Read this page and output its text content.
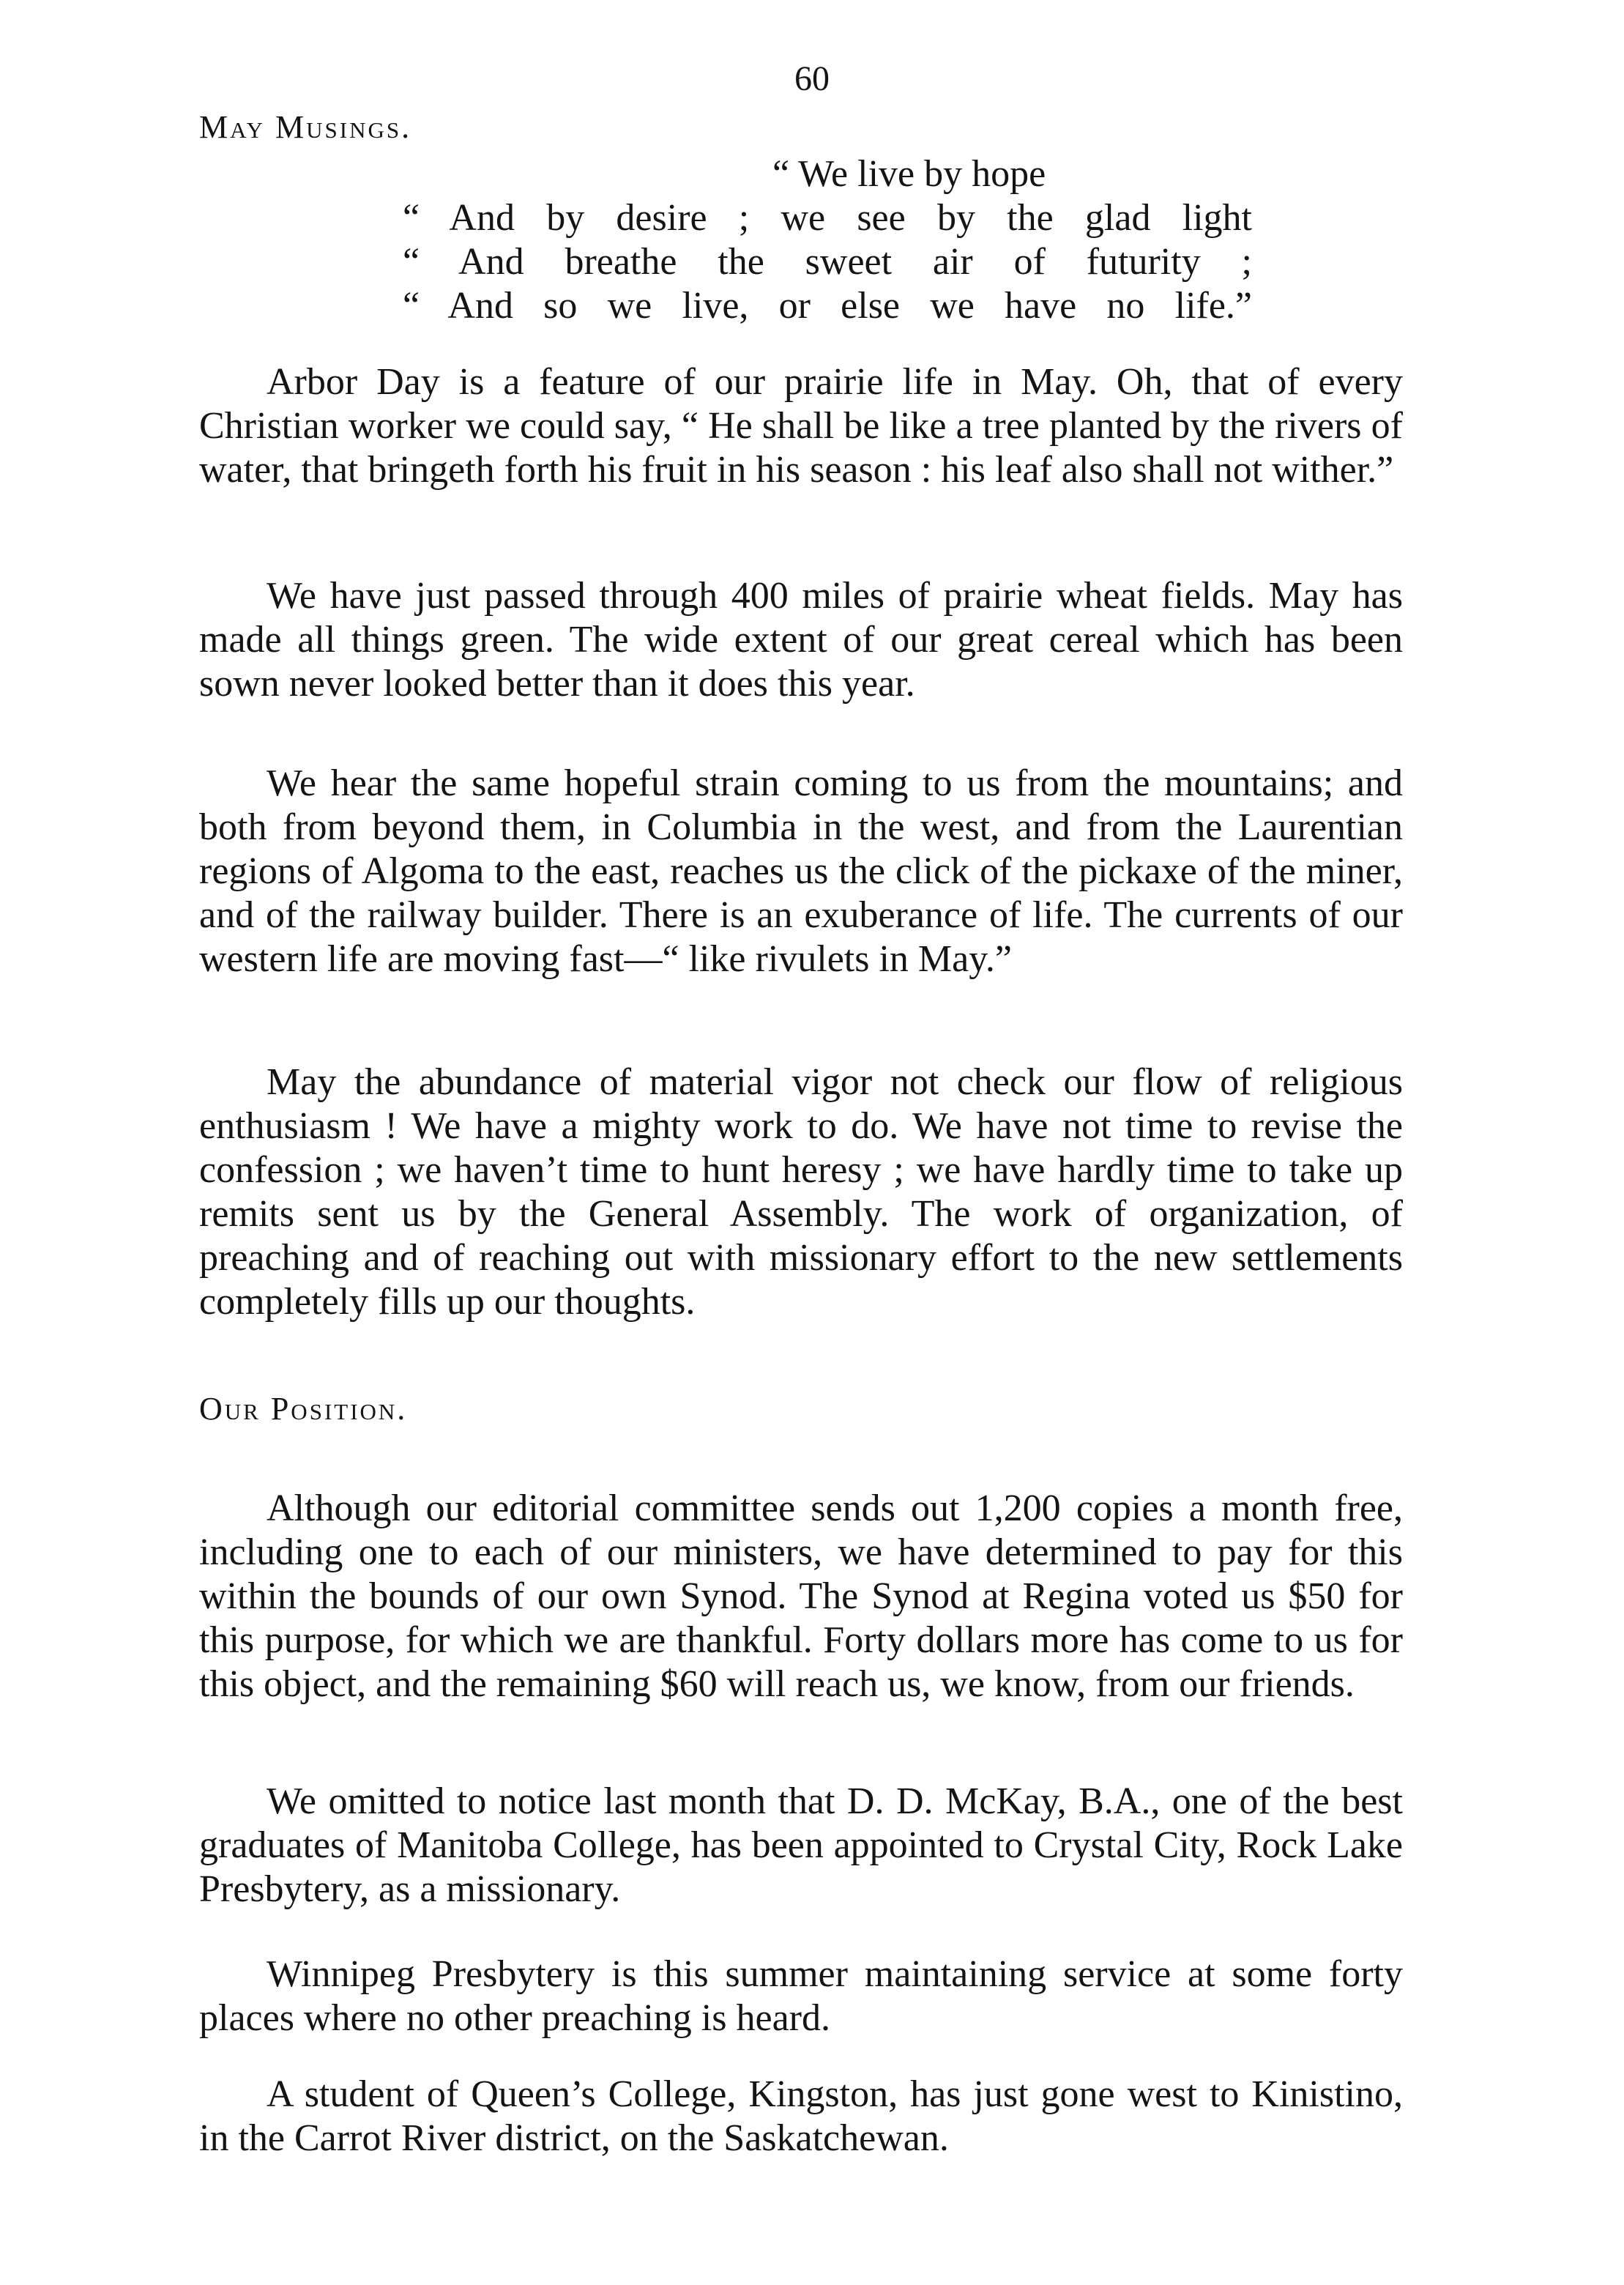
60
May Musings.
“ We live by hope
“ And by desire ; we see by the glad light
“ And breathe the sweet air of futurity ;
“ And so we live, or else we have no life.”

Arbor Day is a feature of our prairie life in May. Oh, that of every Christian worker we could say, “ He shall be like a tree planted by the rivers of water, that bringeth forth his fruit in his season : his leaf also shall not wither.”

We have just passed through 400 miles of prairie wheat fields. May has made all things green. The wide extent of our great cereal which has been sown never looked better than it does this year.

We hear the same hopeful strain coming to us from the mountains; and both from beyond them, in Columbia in the west, and from the Laurentian regions of Algoma to the east, reaches us the click of the pickaxe of the miner, and of the railway builder. There is an exuberance of life. The currents of our western life are moving fast—“ like rivulets in May.”

May the abundance of material vigor not check our flow of religious enthusiasm ! We have a mighty work to do. We have not time to revise the confession ; we haven’t time to hunt heresy ; we have hardly time to take up remits sent us by the General Assembly. The work of organization, of preaching and of reaching out with missionary effort to the new settlements completely fills up our thoughts.

Our Position.

Although our editorial committee sends out 1,200 copies a month free, including one to each of our ministers, we have determined to pay for this within the bounds of our own Synod. The Synod at Regina voted us $50 for this purpose, for which we are thankful. Forty dollars more has come to us for this object, and the remaining $60 will reach us, we know, from our friends.

We omitted to notice last month that D. D. McKay, B.A., one of the best graduates of Manitoba College, has been appointed to Crystal City, Rock Lake Presbytery, as a missionary.

Winnipeg Presbytery is this summer maintaining service at some forty places where no other preaching is heard.

A student of Queen’s College, Kingston, has just gone west to Kinistino, in the Carrot River district, on the Saskatchewan.
